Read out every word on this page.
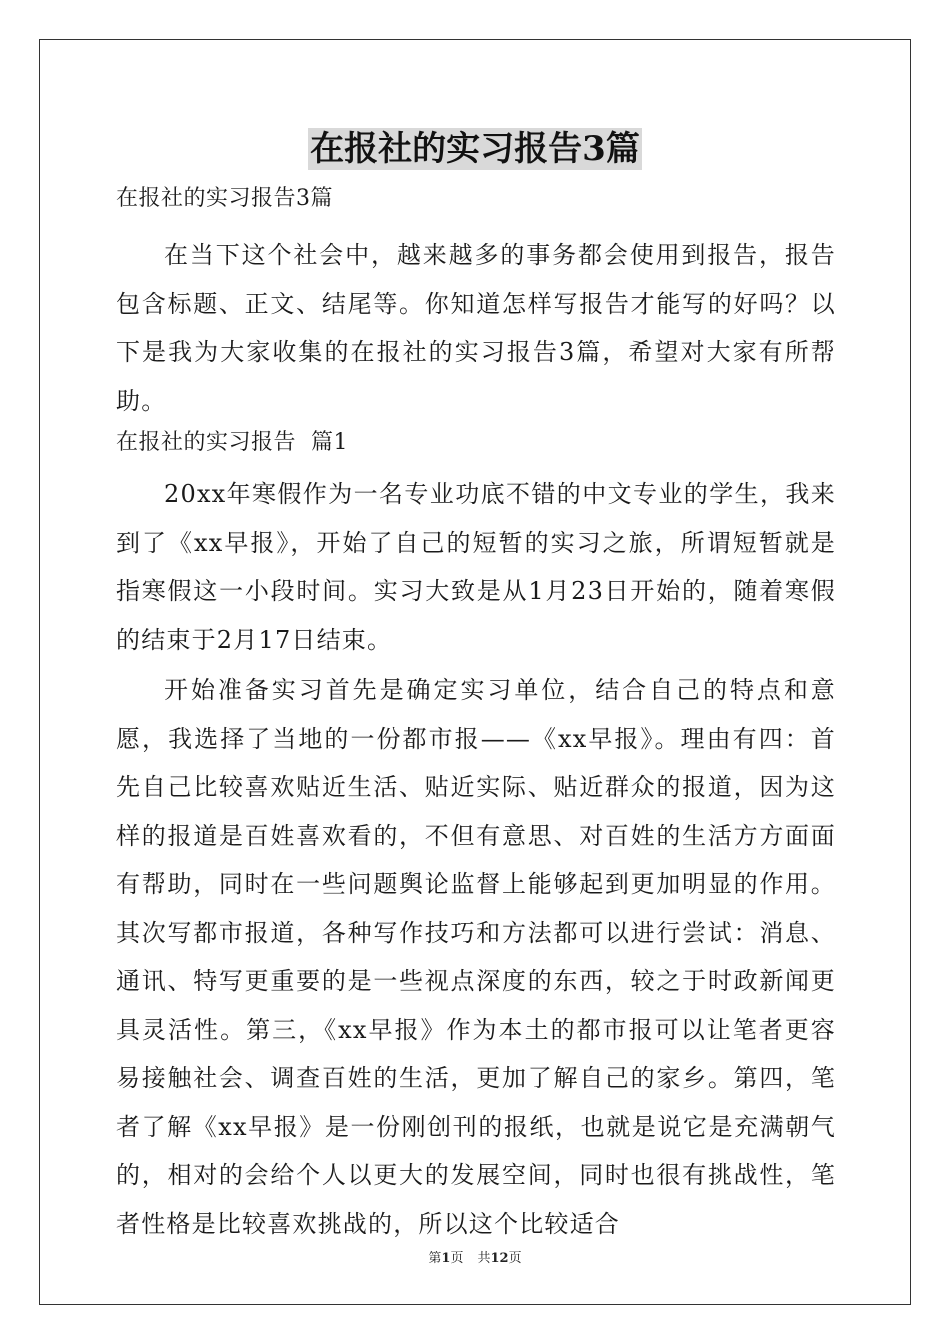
在报社的实习报告3篇

在报社的实习报告3篇

在当下这个社会中，越来越多的事务都会使用到报告，报告包含标题、正文、结尾等。你知道怎样写报告才能写的好吗？以下是我为大家收集的在报社的实习报告3篇，希望对大家有所帮助。

在报社的实习报告  篇1

20xx年寒假作为一名专业功底不错的中文专业的学生，我来到了《xx早报》，开始了自己的短暂的实习之旅，所谓短暂就是指寒假这一小段时间。实习大致是从1月23日开始的，随着寒假的结束于2月17日结束。

开始准备实习首先是确定实习单位，结合自己的特点和意愿，我选择了当地的一份都市报——《xx早报》。理由有四：首先自己比较喜欢贴近生活、贴近实际、贴近群众的报道，因为这样的报道是百姓喜欢看的，不但有意思、对百姓的生活方方面面有帮助，同时在一些问题舆论监督上能够起到更加明显的作用。其次写都市报道，各种写作技巧和方法都可以进行尝试：消息、通讯、特写更重要的是一些视点深度的东西，较之于时政新闻更具灵活性。第三，《xx早报》作为本土的都市报可以让笔者更容易接触社会、调查百姓的生活，更加了解自己的家乡。第四，笔者了解《xx早报》是一份刚创刊的报纸，也就是说它是充满朝气的，相对的会给个人以更大的发展空间，同时也很有挑战性，笔者性格是比较喜欢挑战的，所以这个比较适合

第1页 共12页
